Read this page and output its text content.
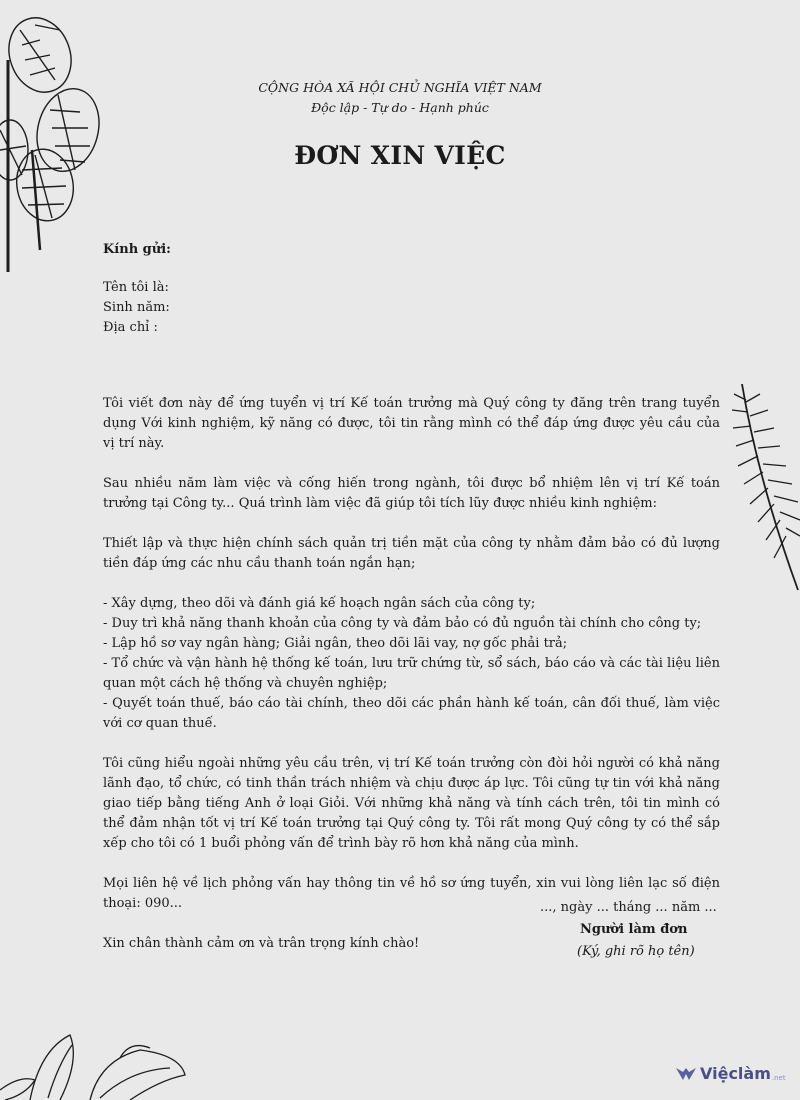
CỘNG HÒA XÃ HỘI CHỦ NGHĨA VIỆT NAM
Độc lập - Tự do - Hạnh phúc
ĐƠN XIN VIỆC

Kính gửi:

Tên tôi là:

Sinh năm:

Địa chỉ :

Tôi viết đơn này để ứng tuyển vị trí Kế toán trưởng mà Quý công ty đăng trên trang tuyển dụng Với kinh nghiệm, kỹ năng có được, tôi tin rằng mình có thể đáp ứng được yêu cầu của vị trí này.

Sau nhiều năm làm việc và cống hiến trong ngành, tôi được bổ nhiệm lên vị trí Kế toán trưởng tại Công ty... Quá trình làm việc đã giúp tôi tích lũy được nhiều kinh nghiệm:

Thiết lập và thực hiện chính sách quản trị tiền mặt của công ty nhằm đảm bảo có đủ lượng tiền đáp ứng các nhu cầu thanh toán ngắn hạn;

- Xây dựng, theo dõi và đánh giá kế hoạch ngân sách của công ty;

- Duy trì khả năng thanh khoản của công ty và đảm bảo có đủ nguồn tài chính cho công ty;

- Lập hồ sơ vay ngân hàng; Giải ngân, theo dõi lãi vay, nợ gốc phải trả;

- Tổ chức và vận hành hệ thống kế toán, lưu trữ chứng từ, sổ sách, báo cáo và các tài liệu liên quan một cách hệ thống và chuyên nghiệp;

- Quyết toán thuế, báo cáo tài chính, theo dõi các phần hành kế toán, cân đối thuế, làm việc với cơ quan thuế.

Tôi cũng hiểu ngoài những yêu cầu trên, vị trí Kế toán trưởng còn đòi hỏi người có khả năng lãnh đạo, tổ chức, có tinh thần trách nhiệm và chịu được áp lực. Tôi cũng tự tin với khả năng giao tiếp bằng tiếng Anh ở loại Giỏi. Với những khả năng và tính cách trên, tôi tin mình có thể đảm nhận tốt vị trí Kế toán trưởng tại Quý công ty. Tôi rất mong Quý công ty có thể sắp xếp cho tôi có 1 buổi phỏng vấn để trình bày rõ hơn khả năng của mình.

Mọi liên hệ về lịch phỏng vấn hay thông tin về hồ sơ ứng tuyển, xin vui lòng liên lạc số điện thoại: 090...

Xin chân thành cảm ơn và trân trọng kính chào!

..., ngày ... tháng ... năm ...
Người làm đơn
(Ký, ghi rõ họ tên)
Việclàm .net
